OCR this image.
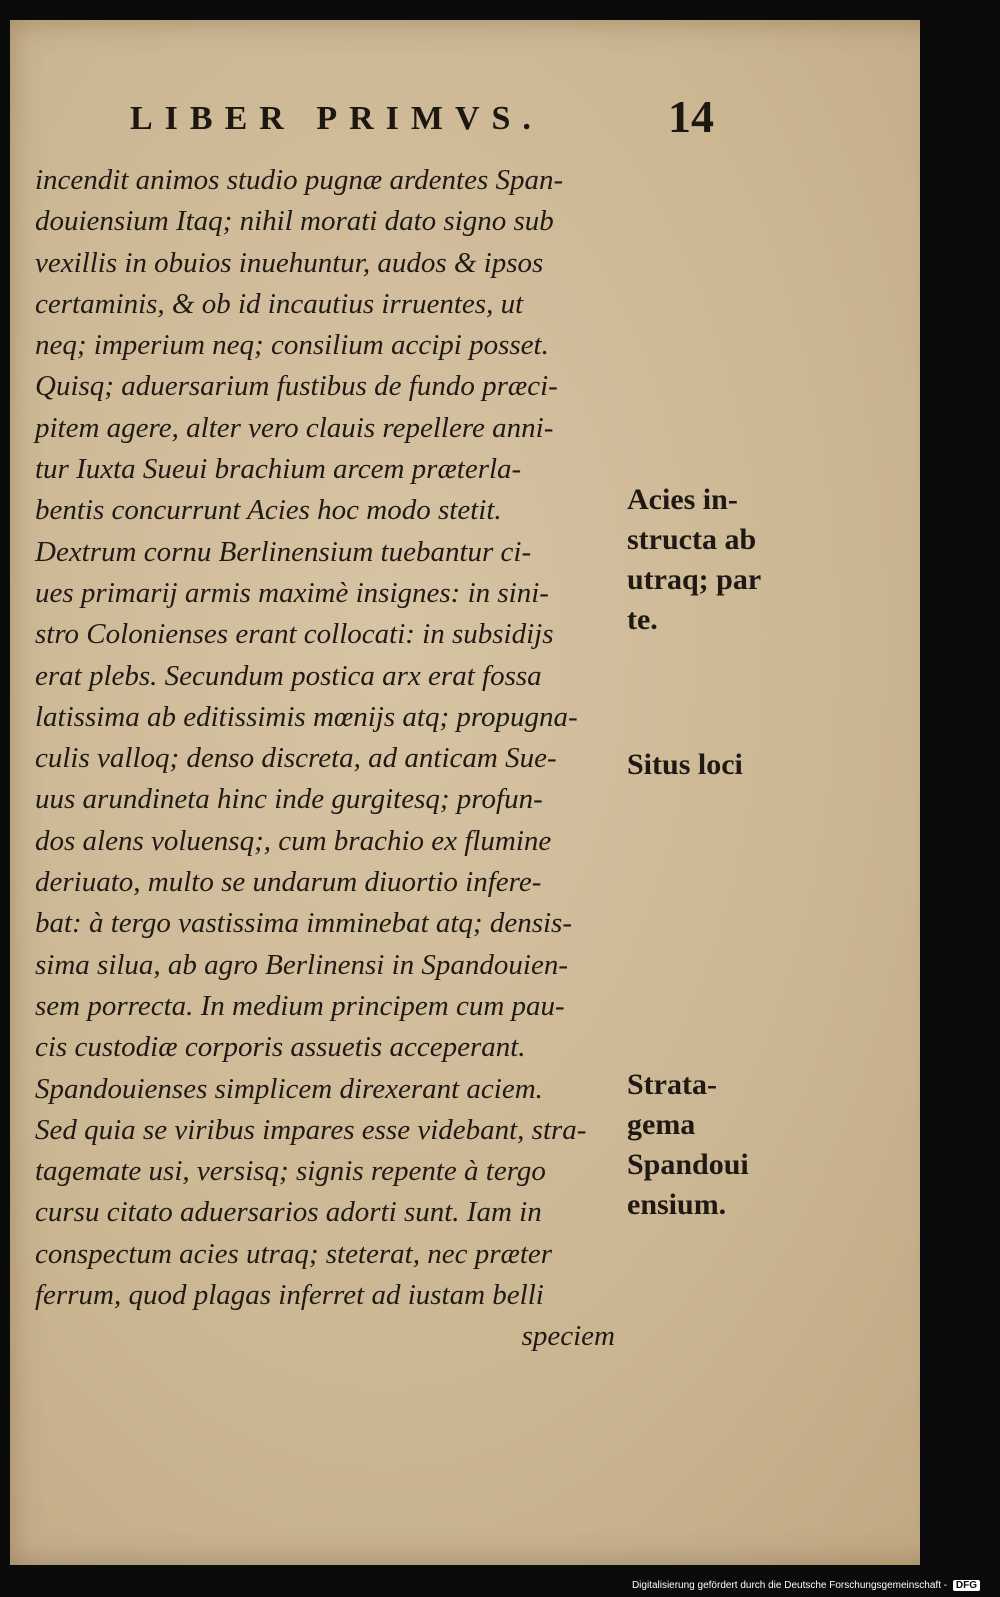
LIBER PRIMVS.	14
incendit animos studio pugnæ ardentes Span-
douiensium Itaq; nihil morati dato signo sub
vexillis in obuios inuehuntur, audos & ipsos
certaminis, & ob id incautius irruentes, ut
neq; imperium neq; consilium accipi posset.
Quisq; aduersarium fustibus de fundo præci-
pitem agere, alter vero clauis repellere anni-
tur Iuxta Sueui brachium arcem præterla-
bentis concurrunt Acies hoc modo stetit.
Dextrum cornu Berlinensium tuebantur ci-
ues primarij armis maximè insignes: in sini-
stro Colonienses erant collocati: in subsidijs
erat plebs. Secundum postica arx erat fossa
latissima ab editissimis mœnijs atq; propugna-
culis valloq; denso discreta, ad anticam Sue-
uus arundineta hinc inde gurgitesq; profun-
dos alens voluensq;, cum brachio ex flumine
deriuato, multo se undarum diuortio infere-
bat: à tergo vastissima imminebat atq; densis-
sima silua, ab agro Berlinensi in Spandouien-
sem porrecta. In medium principem cum pau-
cis custodiæ corporis assuetis acceperant.
Spandouienses simplicem direxerant aciem.
Sed quia se viribus impares esse videbant, stra-
tagemate usi, versisq; signis repente à tergo
cursu citato aduersarios adorti sunt. Iam in
conspectum acies utraq; steterat, nec præter
ferrum, quod plagas inferret ad iustam belli
speciem
Acies in-
structa ab
utraq; par
te.
Situs loci
Strata-
gema
Spandoui
ensium.
Digitalisierung gefördert durch die Deutsche Forschungsgemeinschaft - DFG
